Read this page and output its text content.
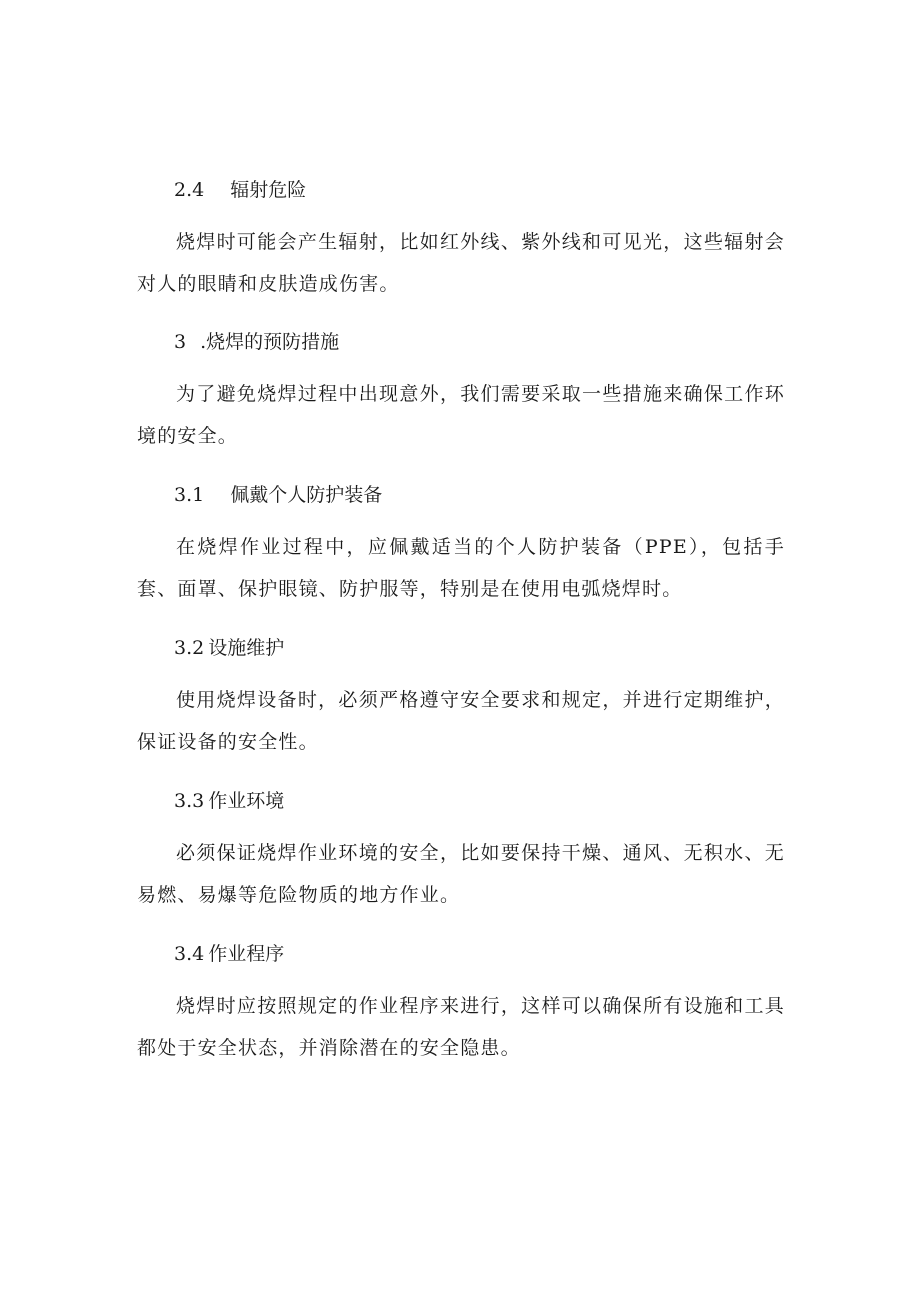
2.4 辐射危险
烧焊时可能会产生辐射，比如红外线、紫外线和可见光，这些辐射会对人的眼睛和皮肤造成伤害。
3 .烧焊的预防措施
为了避免烧焊过程中出现意外，我们需要采取一些措施来确保工作环境的安全。
3.1 佩戴个人防护装备
在烧焊作业过程中，应佩戴适当的个人防护装备（PPE），包括手套、面罩、保护眼镜、防护服等，特别是在使用电弧烧焊时。
3.2 设施维护
使用烧焊设备时，必须严格遵守安全要求和规定，并进行定期维护，保证设备的安全性。
3.3 作业环境
必须保证烧焊作业环境的安全，比如要保持干燥、通风、无积水、无易燃、易爆等危险物质的地方作业。
3.4 作业程序
烧焊时应按照规定的作业程序来进行，这样可以确保所有设施和工具都处于安全状态，并消除潜在的安全隐患。
